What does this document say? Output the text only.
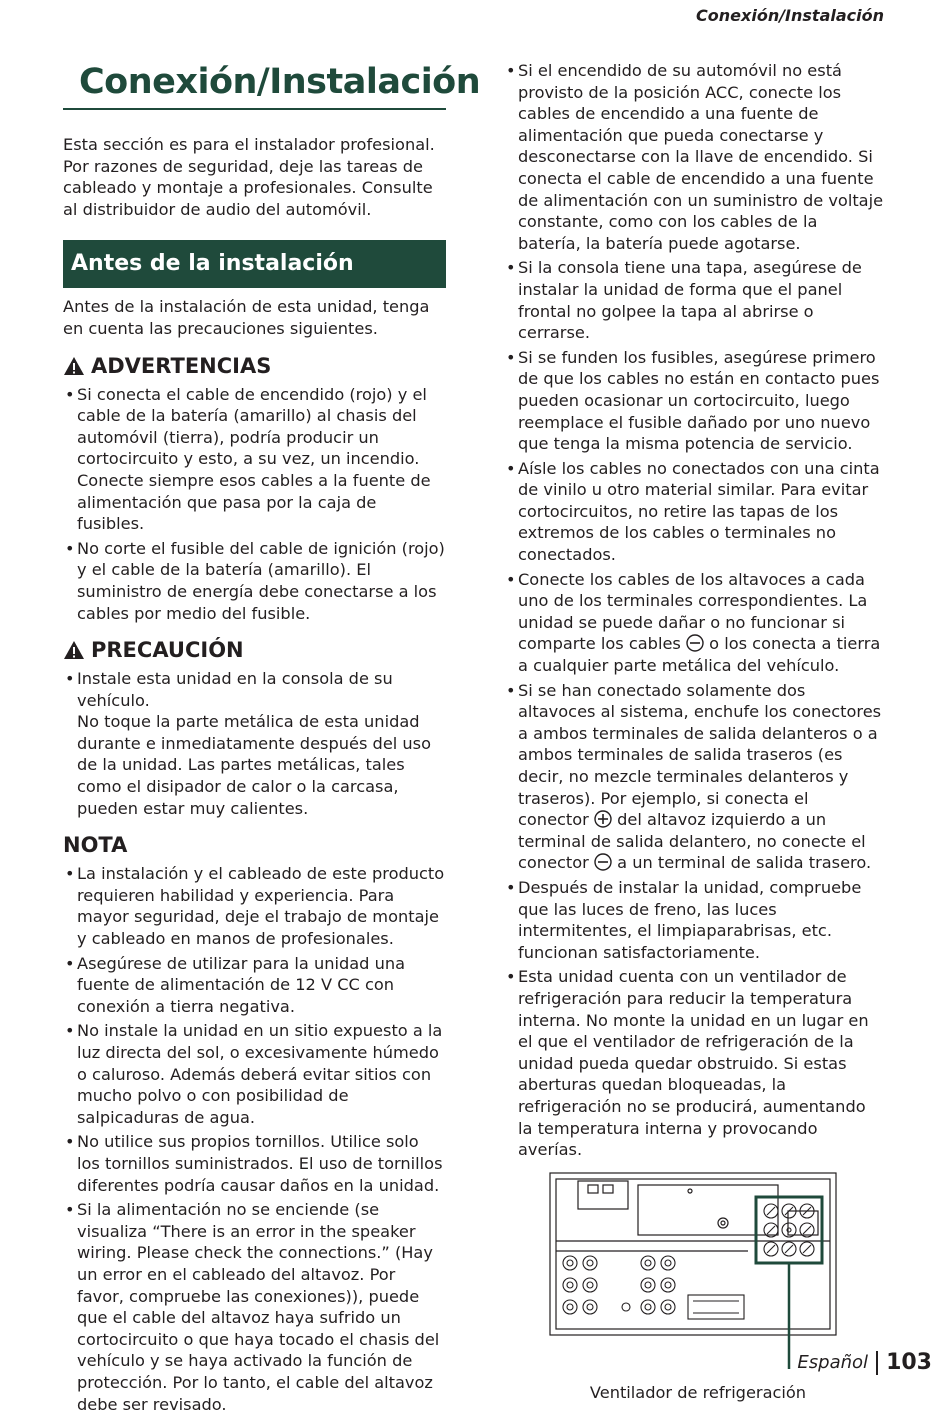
Conexión/Instalación
Conexión/Instalación

Esta sección es para el instalador profesional. Por razones de seguridad, deje las tareas de cableado y montaje a profesionales. Consulte al distribuidor de audio del automóvil.

Antes de la instalación

Antes de la instalación de esta unidad, tenga en cuenta las precauciones siguientes.

ADVERTENCIAS
• Si conecta el cable de encendido (rojo) y el cable de la batería (amarillo) al chasis del automóvil (tierra), podría producir un cortocircuito y esto, a su vez, un incendio. Conecte siempre esos cables a la fuente de alimentación que pasa por la caja de fusibles.
• No corte el fusible del cable de ignición (rojo) y el cable de la batería (amarillo). El suministro de energía debe conectarse a los cables por medio del fusible.
PRECAUCIÓN
• Instale esta unidad en la consola de su vehículo.
No toque la parte metálica de esta unidad durante e inmediatamente después del uso de la unidad. Las partes metálicas, tales como el disipador de calor o la carcasa, pueden estar muy calientes.
NOTA
• La instalación y el cableado de este producto requieren habilidad y experiencia. Para mayor seguridad, deje el trabajo de montaje y cableado en manos de profesionales.
• Asegúrese de utilizar para la unidad una fuente de alimentación de 12 V CC con conexión a tierra negativa.
• No instale la unidad en un sitio expuesto a la luz directa del sol, o excesivamente húmedo o caluroso. Además deberá evitar sitios con mucho polvo o con posibilidad de salpicaduras de agua.
• No utilice sus propios tornillos. Utilice solo los tornillos suministrados. El uso de tornillos diferentes podría causar daños en la unidad.
• Si la alimentación no se enciende (se visualiza “There is an error in the speaker wiring. Please check the connections.” (Hay un error en el cableado del altavoz. Por favor, compruebe las conexiones)), puede que el cable del altavoz haya sufrido un cortocircuito o que haya tocado el chasis del vehículo y se haya activado la función de protección. Por lo tanto, el cable del altavoz debe ser revisado.
• Si el encendido de su automóvil no está provisto de la posición ACC, conecte los cables de encendido a una fuente de alimentación que pueda conectarse y desconectarse con la llave de encendido. Si conecta el cable de encendido a una fuente de alimentación con un suministro de voltaje constante, como con los cables de la batería, la batería puede agotarse.
• Si la consola tiene una tapa, asegúrese de instalar la unidad de forma que el panel frontal no golpee la tapa al abrirse o cerrarse.
• Si se funden los fusibles, asegúrese primero de que los cables no están en contacto pues pueden ocasionar un cortocircuito, luego reemplace el fusible dañado por uno nuevo que tenga la misma potencia de servicio.
• Aísle los cables no conectados con una cinta de vinilo u otro material similar. Para evitar cortocircuitos, no retire las tapas de los extremos de los cables o terminales no conectados.
• Conecte los cables de los altavoces a cada uno de los terminales correspondientes. La unidad se puede dañar o no funcionar si comparte los cables o los conecta a tierra a cualquier parte metálica del vehículo.
• Si se han conectado solamente dos altavoces al sistema, enchufe los conectores a ambos terminales de salida delanteros o a ambos terminales de salida traseros (es decir, no mezcle terminales delanteros y traseros). Por ejemplo, si conecta el conector del altavoz izquierdo a un terminal de salida delantero, no conecte el conector a un terminal de salida trasero.
• Después de instalar la unidad, compruebe que las luces de freno, las luces intermitentes, el limpiaparabrisas, etc. funcionan satisfactoriamente.
• Esta unidad cuenta con un ventilador de refrigeración para reducir la temperatura interna. No monte la unidad en un lugar en el que el ventilador de refrigeración de la unidad pueda quedar obstruido. Si estas aberturas quedan bloqueadas, la refrigeración no se producirá, aumentando la temperatura interna y provocando averías.
Ventilador de refrigeración
Español 103
